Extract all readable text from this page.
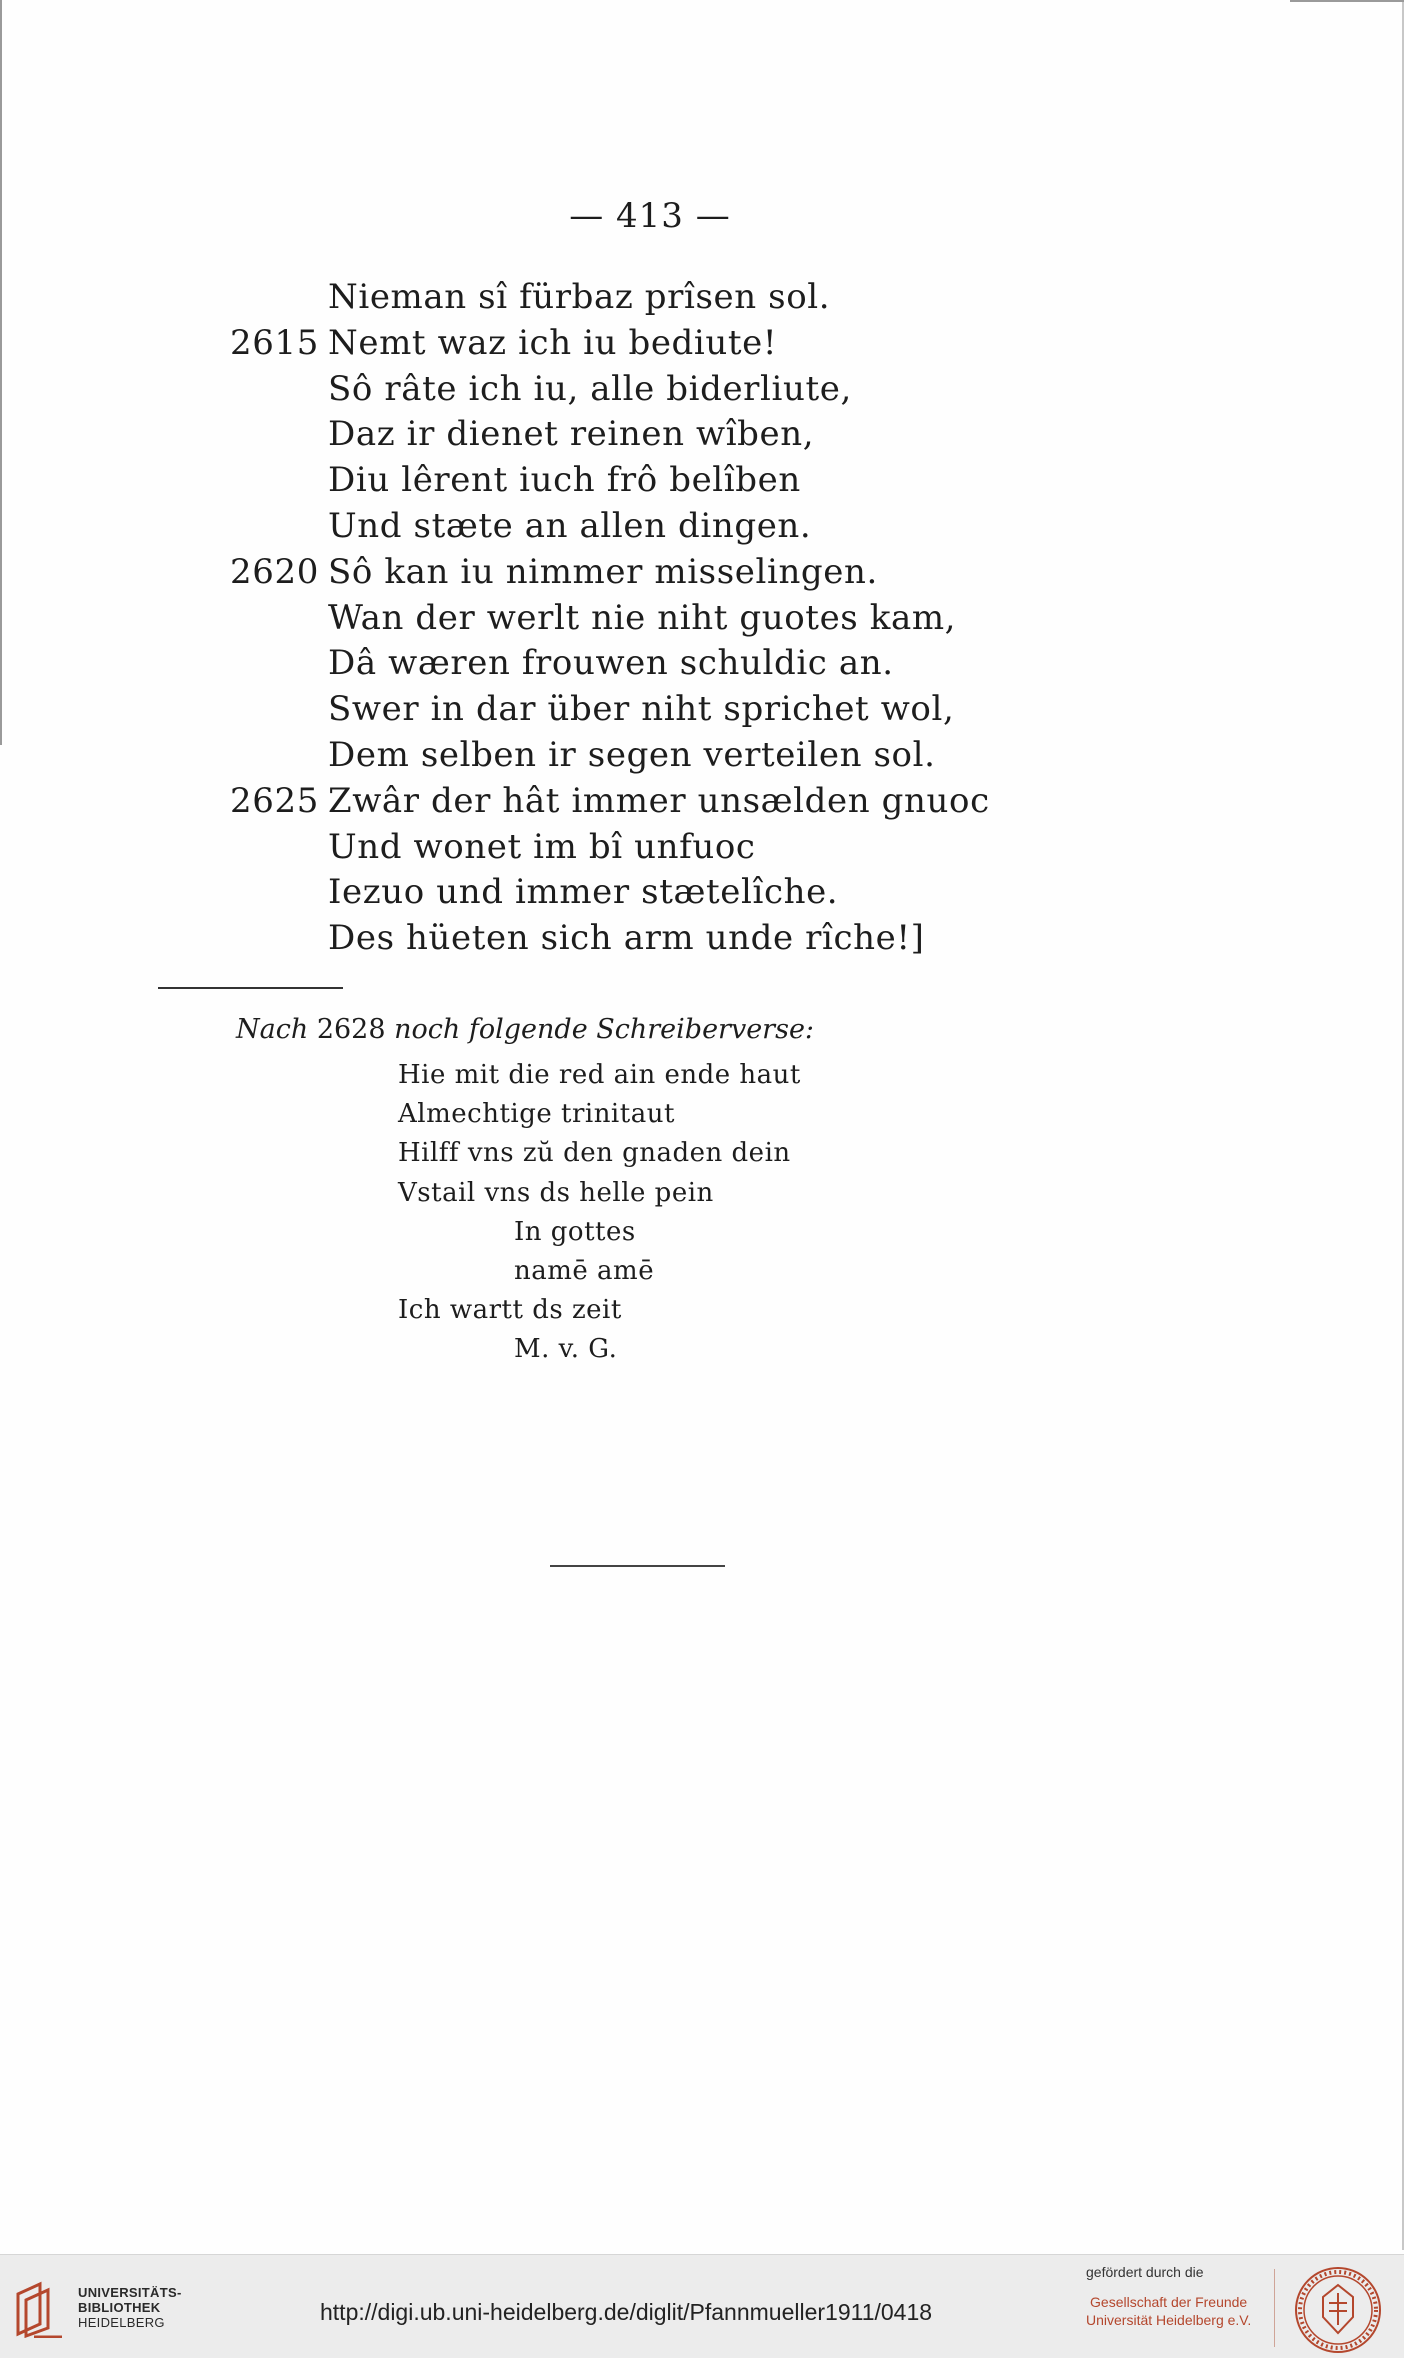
— 413 —
Nieman sî fürbaz prîsen sol.
2615 Nemt waz ich iu bediute!
Sô râte ich iu, alle biderliute,
Daz ir dienet reinen wîben,
Diu lêrent iuch frô belîben
Und stæte an allen dingen.
2620 Sô kan iu nimmer misselingen.
Wan der werlt nie niht guotes kam,
Dâ wæren frouwen schuldic an.
Swer in dar über niht sprichet wol,
Dem selben ir segen verteilen sol.
2625 Zwâr der hât immer unsælden gnuoc
Und wonet im bî unfuoc
Iezuo und immer stætelîche.
Des hüeten sich arm unde rîche!]
Nach 2628 noch folgende Schreiberverse:
Hie mit die red ain ende haut
Almechtige trinitaut
Hilff vns zŭ den gnaden dein
Vstail vns ds helle pein
In gottes
namē amē
Ich wartt ds zeit
M. v. G.
UNIVERSITÄTS-
BIBLIOTHEK
HEIDELBERG	http://digi.ub.uni-heidelberg.de/diglit/Pfannmueller1911/0418
gefördert durch die
Gesellschaft der Freunde
Universität Heidelberg e.V.
